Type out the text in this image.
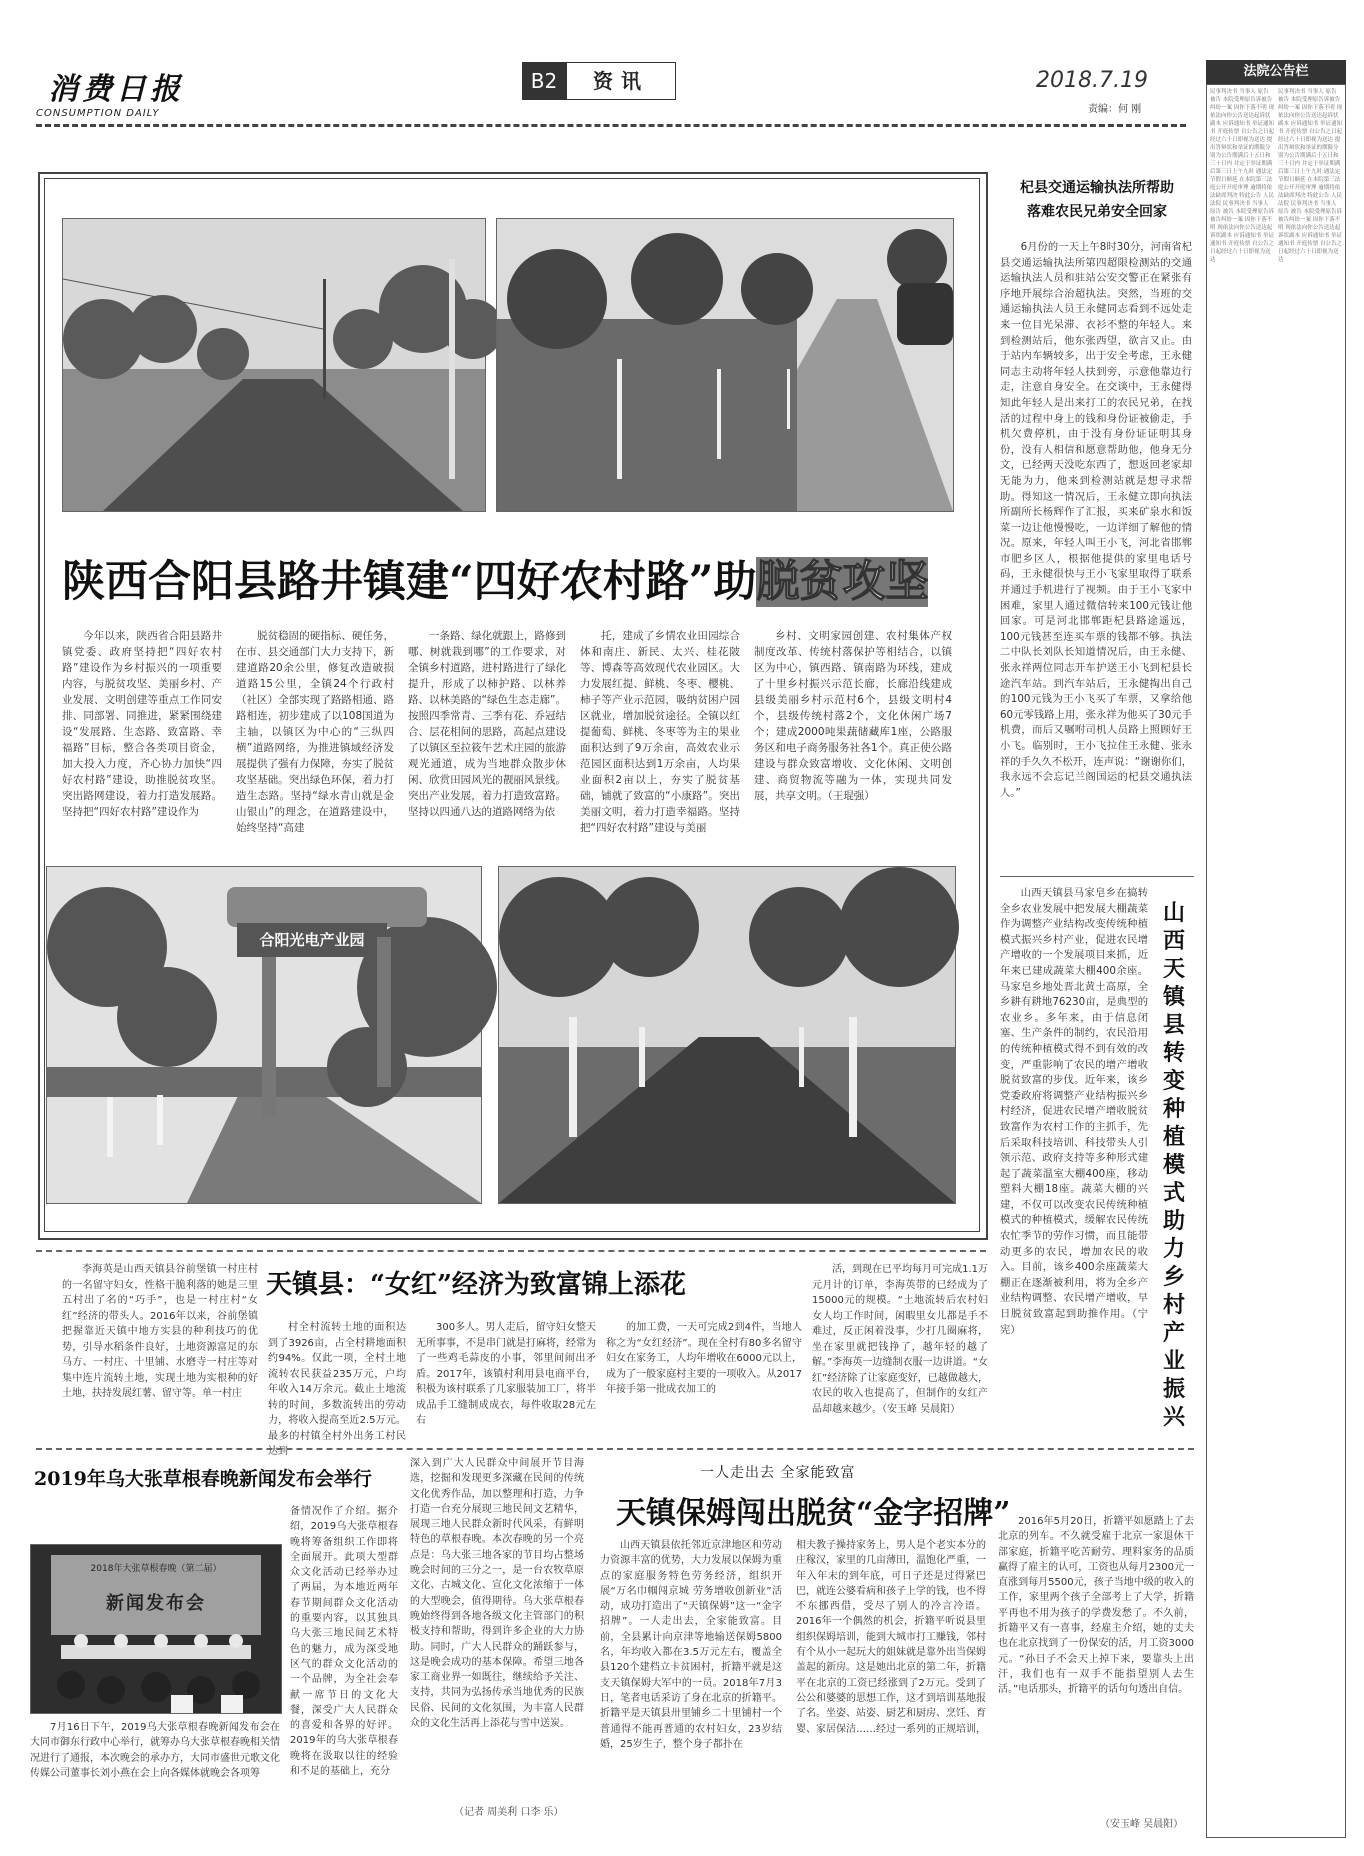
消费日报
CONSUMPTION DAILY
B2	资讯	2018.7.19
责编：何 刚
法院公告栏
民事判决书 当事人 原告 被告 本院受理原告诉被告纠纷一案 因你下落不明 现依法向你公告送达起诉状副本 应诉通知书 举证通知书 开庭传票 自公告之日起经过六十日即视为送达 提出答辩状和举证的期限分别为公告期满后十五日和三十日内 并定于举证期满后第三日上午九时 遇法定节假日顺延 在本院第三法庭公开开庭审理 逾期将依法缺席判决 特此公告 人民法院 民事判决书 当事人 原告 被告 本院受理原告诉被告纠纷一案 因你下落不明 现依法向你公告送达起诉状副本 应诉通知书 举证通知书 开庭传票 自公告之日起经过六十日即视为送达
民事判决书 当事人 原告 被告 本院受理原告诉被告纠纷一案 因你下落不明 现依法向你公告送达起诉状副本 应诉通知书 举证通知书 开庭传票 自公告之日起经过六十日即视为送达 提出答辩状和举证的期限分别为公告期满后十五日和三十日内 并定于举证期满后第三日上午九时 遇法定节假日顺延 在本院第三法庭公开开庭审理 逾期将依法缺席判决 特此公告 人民法院 民事判决书 当事人 原告 被告 本院受理原告诉被告纠纷一案 因你下落不明 现依法向你公告送达起诉状副本 应诉通知书 举证通知书 开庭传票 自公告之日起经过六十日即视为送达
陕西合阳县路井镇建“四好农村路”助脱贫攻坚

今年以来，陕西省合阳县路井镇党委、政府坚持把“四好农村路”建设作为乡村振兴的一项重要内容，与脱贫攻坚、美丽乡村、产业发展、文明创建等重点工作同安排、同部署、同推进，紧紧围绕建设“发展路、生态路、致富路、幸福路”目标，整合各类项目资金，加大投入力度，齐心协力加快“四好农村路”建设，助推脱贫攻坚。突出路网建设，着力打造发展路。坚持把“四好农村路”建设作为

脱贫稳固的硬指标、硬任务，在市、县交通部门大力支持下，新建道路20余公里，修复改造破损道路15公里，全镇24个行政村（社区）全部实现了路路相通、路路相连，初步建成了以108国道为主轴，以镇区为中心的“三纵四横”道路网络，为推进镇域经济发展提供了强有力保障，夯实了脱贫攻坚基础。突出绿色环保，着力打造生态路。坚持“绿水青山就是金山银山”的理念，在道路建设中，始终坚持“高建

一条路、绿化就跟上，路修到哪、树就栽到哪”的工作要求，对全镇乡村道路，进村路进行了绿化提升，形成了以柿护路、以林养路、以林美路的“绿色生态走廊”。按照四季常青、三季有花、乔冠结合、层花相间的思路，高起点建设了以镇区至拉筱午艺术庄园的旅游观光通道，成为当地群众散步休闲、欣赏田园风光的靓丽风景线。突出产业发展，着力打造致富路。坚持以四通八达的道路网络为依

托，建成了乡情农业田园综合体和南庄、新民、太兴、桂花陂等、博森等高效现代农业园区。大力发展红提、鲜桃、冬枣、樱桃、柿子等产业示范园，吸纳贫困户园区就业，增加脱贫途径。全镇以红提葡萄、鲜桃、冬枣等为主的果业面积达到了9万余亩，高效农业示范园区面积达到1万余亩，人均果业面积2亩以上，夯实了脱贫基础，铺就了致富的“小康路”。突出美丽文明，着力打造幸福路。坚持把“四好农村路”建设与美丽

乡村、文明家园创建、农村集体产权制度改革、传统村落保护等相结合，以镇区为中心，镇西路、镇南路为环线，建成了十里乡村振兴示范长廊，长廊沿线建成县级美丽乡村示范村6个，县级文明村4个，县级传统村落2个，文化休闲广场7个；建成2000吨果蔬储藏库1座，公路服务区和电子商务服务社各1个。真正使公路建设与群众致富增收、文化休闲、文明创建、商贸物流等融为一体，实现共同发展，共享文明。（王琨强）

合阳光电产业园
杞县交通运输执法所帮助
落难农民兄弟安全回家

6月份的一天上午8时30分，河南省杞县交通运输执法所第四超限检测站的交通运输执法人员和驻站公安交警正在紧张有序地开展综合治超执法。突然，当班的交通运输执法人员王永健同志看到不远处走来一位目光呆滞、衣衫不整的年轻人。来到检测站后，他东张西望，欲言又止。由于站内车辆较多，出于安全考虑，王永健同志主动将年轻人扶到旁，示意他靠边行走，注意自身安全。在交谈中，王永健得知此年轻人是出来打工的农民兄弟，在找活的过程中身上的钱和身份证被偷走，手机欠费停机，由于没有身份证证明其身份，没有人相信和愿意帮助他，他身无分文，已经两天没吃东西了，想返回老家却无能为力，他来到检测站就是想寻求帮助。得知这一情况后，王永健立即向执法所副所长杨辉作了汇报，买来矿泉水和饭菜一边让他慢慢吃，一边详细了解他的情况。原来，年轻人叫王小飞，河北省邯郸市肥乡区人，根据他提供的家里电话号码，王永健很快与王小飞家里取得了联系并通过手机进行了视频。由于王小飞家中困难，家里人通过微信转来100元钱让他回家。可是河北邯郸距杞县路途遥远，100元钱甚至连买车票的钱都不够。执法二中队长刘队长知道情况后，由王永健、张永祥两位同志开车护送王小飞到杞县长途汽车站。到汽车站后，王永健掏出自己的100元钱为王小飞买了车票，又拿给他60元零钱路上用，张永祥为他买了30元手机费，而后又嘱咐司机人员路上照顾好王小飞。临别时，王小飞拉住王永健、张永祥的手久久不松开，连声说：“谢谢你们，我永远不会忘记兰阁国运的杞县交通执法人。”

山西天镇县马家皂乡在搞转全乡农业发展中把发展大棚蔬菜作为调整产业结构改变传统种植模式振兴乡村产业，促进农民增产增收的一个发展项目来抓，近年来已建成蔬菜大棚400余座。马家皂乡地处晋北黄土高原，全乡耕有耕地76230亩，是典型的农业乡。多年来，由于信息闭塞、生产条件的制约，农民沿用的传统种植模式得不到有效的改变，严重影响了农民的增产增收脱贫致富的步伐。近年来，该乡党委政府将调整产业结构振兴乡村经济，促进农民增产增收脱贫致富作为农村工作的主抓手，先后采取科技培训、科技带头人引领示范、政府支持等多种形式建起了蔬菜温室大棚400座，移动塑料大棚18座。蔬菜大棚的兴建，不仅可以改变农民传统种植模式的种植模式，缓解农民传统农忙季节的劳作习惯，而且能带动更多的农民，增加农民的收入。目前，该乡400余座蔬菜大棚正在逐渐被利用，将为全乡产业结构调整、农民增产增收，早日脱贫致富起到助推作用。（宁 宪）

山西天镇县转变种植模式助力乡村产业振兴
天镇县：“女红”经济为致富锦上添花

李海英是山西天镇县谷前堡镇一村庄村的一名留守妇女，性格干脆利落的她是三里五村出了名的“巧手”，也是一村庄村“女红”经济的带头人。2016年以来，谷前堡镇把握靠近天镇中地方实县的种利技巧的优势，引导水稻条件良好，土地资源富足的东马方、一村庄、十里铺、水磨寺一村庄等对集中连片流转土地，实现土地为实根种的好土地，扶持发展红薯、留守等。单一村庄

村全村流转土地的面积达到了3926亩，占全村耕地面积约94%。仅此一项，全村土地流转农民获益235万元，户均年收入14万余元。截止土地流转的时间，多数流转出的劳动力，将收入提高至近2.5万元。最多的村镇全村外出务工村民达到

300多人。男人走后，留守妇女整天无所事事，不是串门就是打麻将，经常为了一些鸡毛蒜皮的小事，邻里间闹出矛盾。2017年，该镇村利用县电商平台，积极为该村联系了几家服装加工厂，将半成品手工缝制成成衣，每件收取28元左右

的加工费，一天可完成2到4件，当地人称之为“女红经济”。现在全村有80多名留守妇女在家务工，人均年增收在6000元以上，成为了一般家庭村主要的一项收入。从2017年接手第一批成衣加工的

活，到现在已平均每月可完成1.1万元月计的订单，李海英带的已经成为了15000元的规模。“土地流转后农村妇女人均工作时间，闲暇里女儿都是手不难过，反正闲着没事，少打几圈麻将，坐在家里就把钱挣了，越年轻的越了解。”李海英一边缝制衣服一边讲道。“女红”经济除了让家庭变好，已越做越大，农民的收入也提高了，但制作的女红产品却越来越少。（安玉峰 吴晨阳）

2019年乌大张草根春晚新闻发布会举行
2018年大张草根春晚（第二届）
新闻发布会

备情况作了介绍。据介绍，2019乌大张草根春晚将筹备组织工作即将全面展开。此项大型群众文化活动已经举办过了两届，为本地近两年春节期间群众文化活动的重要内容，以其独具乌大张三地民间艺术特色的魅力，成为深受地区气的群众文化活动的一个品牌，为全社会奉献一席节日的文化大餐，深受广大人民群众的喜爱和各界的好评。2019年的乌大张草根春晚将在汲取以往的经验和不足的基础上，充分

7月16日下午，2019乌大张草根春晚新闻发布会在大同市御东行政中心举行，就筹办乌大张草根春晚相关情况进行了通报，本次晚会的承办方，大同市盛世元歌文化传媒公司董事长刘小燕在会上向各媒体就晚会各项筹

深入到广大人民群众中间展开节目海选，挖掘和发现更多深藏在民间的传统文化优秀作品，加以整理和打造，力争打造一台充分展现三地民间文艺精华，展现三地人民群众新时代风采，有鲜明特色的草根春晚。本次春晚的另一个亮点是：乌大张三地各家的节目均占整场晚会时间的三分之一，是一台农牧草原文化、古城文化、宣化文化浓缩于一体的大型晚会，值得期待。乌大张草根春晚始终得到各地各级文化主管部门的积极支持和帮助，得到许多企业的大力协助。同时，广大人民群众的踊跃参与，这是晚会成功的基本保障。希望三地各家工商业界一如既往，继续给予关注、支持，共同为弘扬传承当地优秀的民族民俗、民间的文化氛围，为丰富人民群众的文化生活再上添花与雪中送炭。

（记者 周美利 口李 乐）
一人走出去 全家能致富
天镇保姆闯出脱贫“金字招牌”

山西天镇县依托邻近京津地区和劳动力资源丰富的优势，大力发展以保姆为重点的家庭服务特色劳务经济，组织开展“万名巾帼闯京城 劳务增收创新业”活动，成功打造出了“天镇保姆”这一“金字招牌”。一人走出去，全家能致富。目前，全县累计向京津等地输送保姆5800名，年均收入都在3.5万元左右，覆盖全县120个建档立卡贫困村，折籍平就是这支天镇保姆大军中的一员。2018年7月3日，笔者电话采访了身在北京的折籍平。折籍平是天镇县卅里铺乡二十里铺村一个普通得不能再普通的农村妇女，23岁结婚，25岁生子，整个身子都扑在

相夫教子操持家务上，男人是个老实本分的庄稼汉，家里的几亩薄田，温饱化严重，一年入年末的到年底，可日子还是过得紧巴巴，就连公婆看病和孩子上学的钱，也不得不东挪西借，受尽了别人的冷言冷语。2016年一个偶然的机会，折籍平听说县里组织保姆培训，能到大城市打工赚钱，邻村有个从小一起玩大的姐妹就是靠外出当保姆盖起的新房。这是她出北京的第二年，折籍平在北京的工资已经涨到了2万元。受到了公公和婆婆的思想工作，这才到培训基地报了名。坐姿、站姿、厨艺和厨房、烹饪、育婴、家居保洁……经过一系列的正规培训，

2016年5月20日，折籍平如愿踏上了去北京的列车。不久就受雇于北京一家退休干部家庭，折籍平吃苦耐劳、理料家务的品质赢得了雇主的认可，工资也从每月2300元一直涨到每月5500元，孩子当地中级的收入的工作，家里两个孩子全部考上了大学，折籍平再也不用为孩子的学费发愁了。不久前，折籍平又有一喜事，经雇主介绍，她的丈夫也在北京找到了一份保安的活，月工资3000元。“孙日子不会天上掉下来，要靠头上出汗，我们也有一双手不能指望别人去生活。”电话那头，折籍平的话句句透出自信。

（安玉峰 吴晨阳）
